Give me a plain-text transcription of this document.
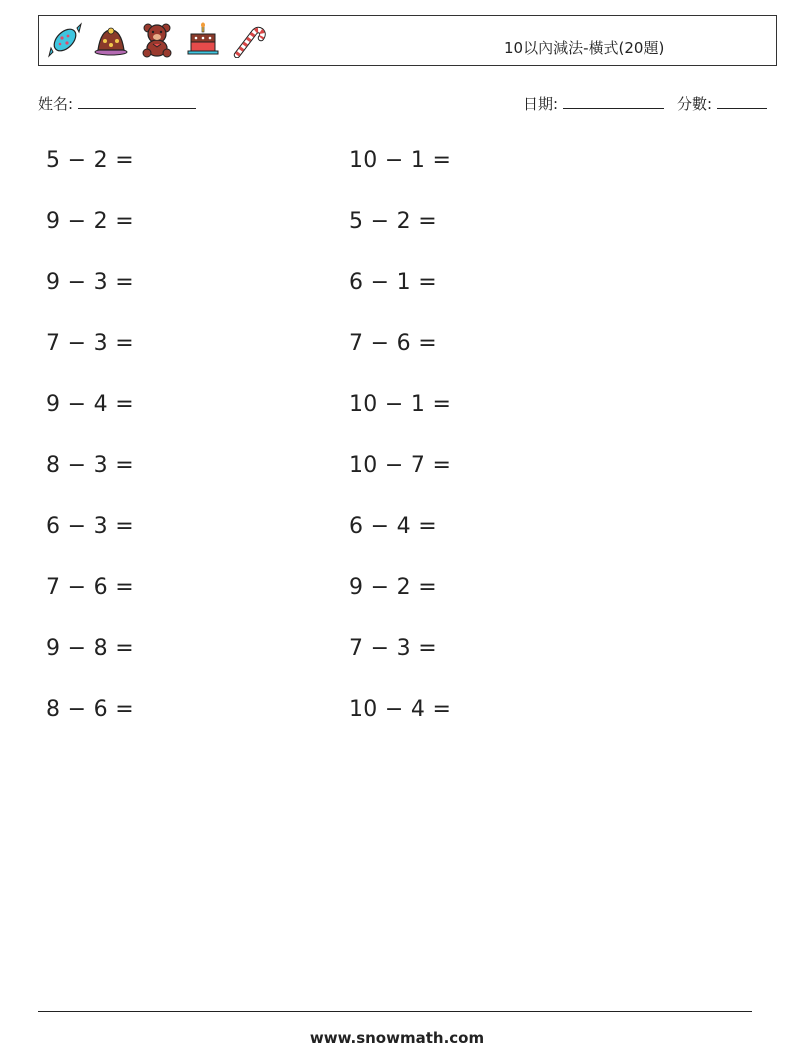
10以內減法-橫式(20題)
姓名:	日期:	分數:
5 − 2 =
9 − 2 =
9 − 3 =
7 − 3 =
9 − 4 =
8 − 3 =
6 − 3 =
7 − 6 =
9 − 8 =
8 − 6 =
10 − 1 =
5 − 2 =
6 − 1 =
7 − 6 =
10 − 1 =
10 − 7 =
6 − 4 =
9 − 2 =
7 − 3 =
10 − 4 =
www.snowmath.com
